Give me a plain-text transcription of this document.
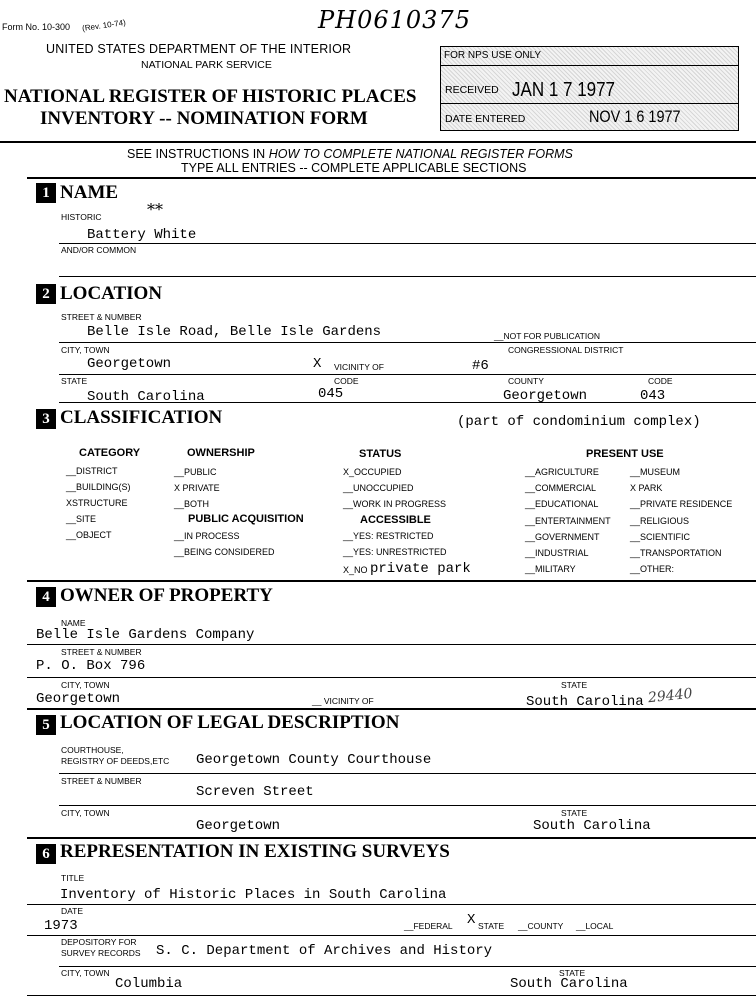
Form No. 10-300 (Rev. 10-74)	PH0610375
UNITED STATES DEPARTMENT OF THE INTERIOR
NATIONAL PARK SERVICE
NATIONAL REGISTER OF HISTORIC PLACES
INVENTORY -- NOMINATION FORM
FOR NPS USE ONLY
RECEIVED JAN 1 7 1977
DATE ENTERED	NOV 1 6 1977
SEE INSTRUCTIONS IN HOW TO COMPLETE NATIONAL REGISTER FORMS
TYPE ALL ENTRIES -- COMPLETE APPLICABLE SECTIONS
1 NAME
HISTORIC	**
Battery White
AND/OR COMMON
2 LOCATION
STREET & NUMBER
Belle Isle Road, Belle Isle Gardens	__NOT FOR PUBLICATION
CITY, TOWN	CONGRESSIONAL DISTRICT
Georgetown	X VICINITY OF	#6
STATE	CODE	COUNTY	CODE
South Carolina	045	Georgetown	043
3 CLASSIFICATION	(part of condominium complex)
CATEGORY
__DISTRICT
__BUILDING(S)
XSTRUCTURE
__SITE
__OBJECT
OWNERSHIP
__PUBLIC
X PRIVATE
__BOTH
PUBLIC ACQUISITION
__IN PROCESS
__BEING CONSIDERED
STATUS
X_OCCUPIED
__UNOCCUPIED
__WORK IN PROGRESS
ACCESSIBLE
__YES: RESTRICTED
__YES: UNRESTRICTED
X_NO private park
PRESENT USE
__AGRICULTURE
__COMMERCIAL
__EDUCATIONAL
__ENTERTAINMENT
__GOVERNMENT
__INDUSTRIAL
__MILITARY
__MUSEUM
X PARK
__PRIVATE RESIDENCE
__RELIGIOUS
__SCIENTIFIC
__TRANSPORTATION
__OTHER:
4 OWNER OF PROPERTY
NAME
Belle Isle Gardens Company
STREET & NUMBER
P. O. Box 796
CITY, TOWN	STATE
Georgetown	__ VICINITY OF	South Carolina 29440
5 LOCATION OF LEGAL DESCRIPTION
COURTHOUSE,
REGISTRY OF DEEDS,ETC Georgetown County Courthouse
STREET & NUMBER
Screven Street
CITY, TOWN	STATE
Georgetown	South Carolina
6 REPRESENTATION IN EXISTING SURVEYS
TITLE
Inventory of Historic Places in South Carolina
DATE
1973	__FEDERAL X STATE __COUNTY __LOCAL
DEPOSITORY FOR
SURVEY RECORDS S. C. Department of Archives and History
CITY, TOWN	STATE
Columbia	South Carolina
